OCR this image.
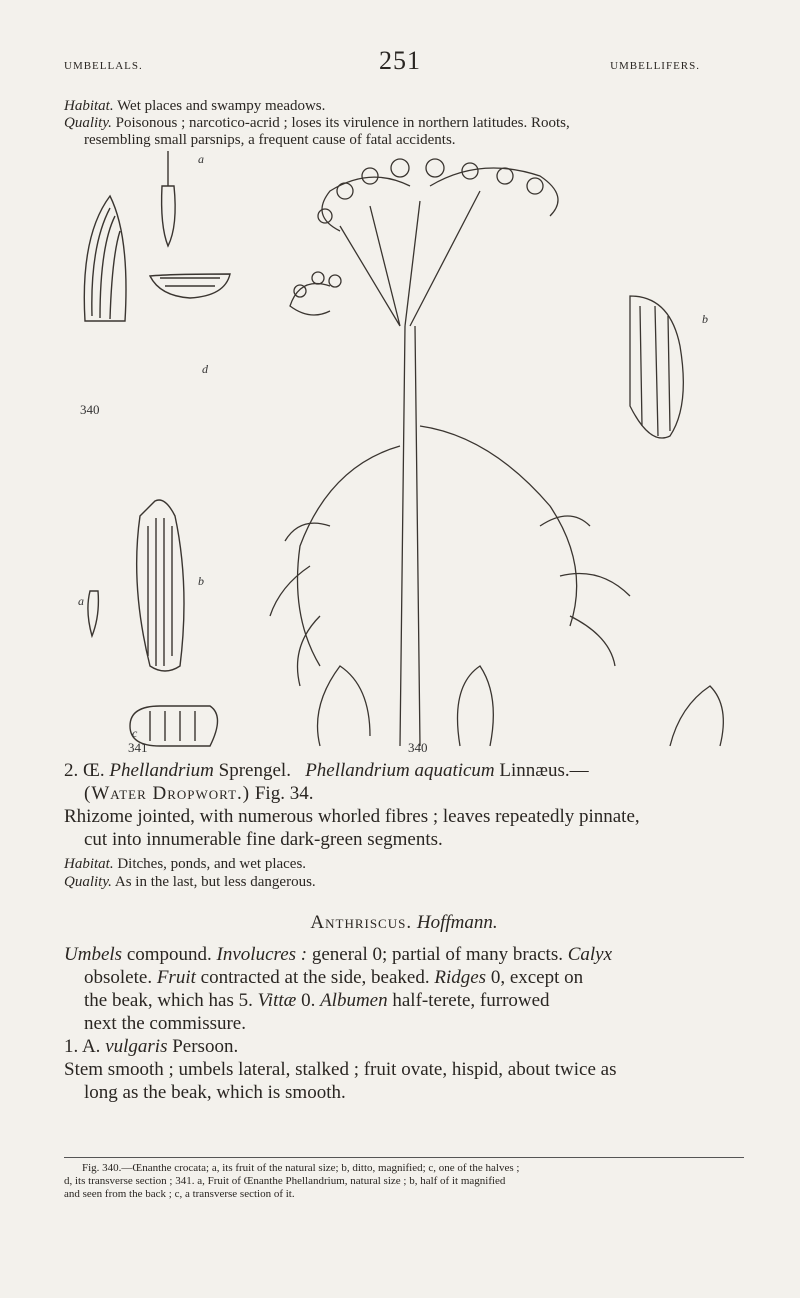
UMBELLALS.	251	UMBELLIFERS.
Habitat. Wet places and swampy meadows.
Quality. Poisonous ; narcotico-acrid ; loses its virulence in northern latitudes. Roots,
resembling small parsnips, a frequent cause of fatal accidents.
a
d
340
b
a
c
341	340
b
2. Œ. Phellandrium Sprengel. Phellandrium aquaticum Linnæus.—
(Water Dropwort.) Fig. 34.
Rhizome jointed, with numerous whorled fibres ; leaves repeatedly pinnate,
cut into innumerable fine dark-green segments.
Habitat. Ditches, ponds, and wet places.
Quality. As in the last, but less dangerous.
Anthriscus. Hoffmann.
Umbels compound. Involucres : general 0; partial of many bracts. Calyx
obsolete. Fruit contracted at the side, beaked. Ridges 0, except on
the beak, which has 5. Vittæ 0. Albumen half-terete, furrowed
next the commissure.
1. A. vulgaris Persoon.
Stem smooth ; umbels lateral, stalked ; fruit ovate, hispid, about twice as
long as the beak, which is smooth.
Fig. 340.—Œnanthe crocata; a, its fruit of the natural size; b, ditto, magnified; c, one of the halves ;
d, its transverse section ; 341. a, Fruit of Œnanthe Phellandrium, natural size ; b, half of it magnified
and seen from the back ; c, a transverse section of it.
